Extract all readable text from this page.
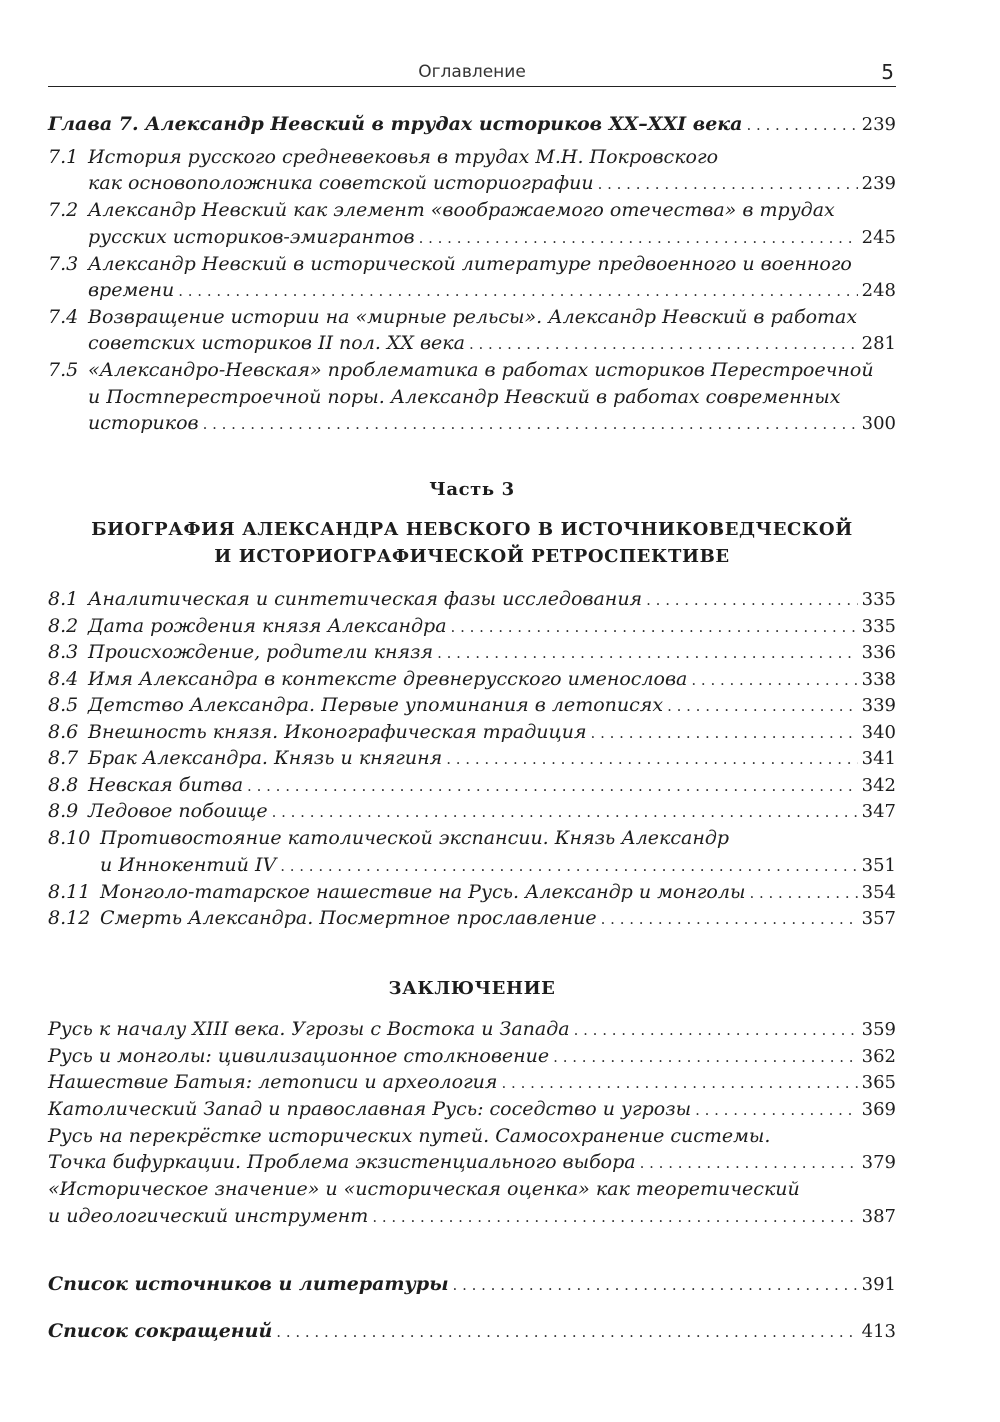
Оглавление	5
Глава 7. Александр Невский в трудах историков XX–XXI века . . .	239
7.1 История русского средневековья в трудах М.Н. Покровского
как основоположника советской историографии . . .	239
7.2 Александр Невский как элемент «воображаемого отечества» в трудах
русских историков-эмигрантов . . .	245
7.3 Александр Невский в исторической литературе предвоенного и военного
времени . . .	248
7.4 Возвращение истории на «мирные рельсы». Александр Невский в работах
советских историков II пол. XX века . . .	281
7.5 «Александро-Невская» проблематика в работах историков Перестроечной
и Постперестроечной поры. Александр Невский в работах современных
историков . . .	300
Часть 3
БИОГРАФИЯ АЛЕКСАНДРА НЕВСКОГО В ИСТОЧНИКОВЕДЧЕСКОЙ
И ИСТОРИОГРАФИЧЕСКОЙ РЕТРОСПЕКТИВЕ
8.1 Аналитическая и синтетическая фазы исследования . . .	335
8.2 Дата рождения князя Александра . . .	335
8.3 Происхождение, родители князя . . .	336
8.4 Имя Александра в контексте древнерусского именослова . . .	338
8.5 Детство Александра. Первые упоминания в летописях . . .	339
8.6 Внешность князя. Иконографическая традиция . . .	340
8.7 Брак Александра. Князь и княгиня . . .	341
8.8 Невская битва . . .	342
8.9 Ледовое побоище . . .	347
8.10 Противостояние католической экспансии. Князь Александр
и Иннокентий IV . . .	351
8.11 Монголо-татарское нашествие на Русь. Александр и монголы . . .	354
8.12 Смерть Александра. Посмертное прославление . . .	357
ЗАКЛЮЧЕНИЕ
Русь к началу XIII века. Угрозы с Востока и Запада . . .	359
Русь и монголы: цивилизационное столкновение . . .	362
Нашествие Батыя: летописи и археология . . .	365
Католический Запад и православная Русь: соседство и угрозы . . .	369
Русь на перекрёстке исторических путей. Самосохранение системы.
Точка бифуркации. Проблема экзистенциального выбора . . .	379
«Историческое значение» и «историческая оценка» как теоретический
и идеологический инструмент . . .	387
Список источников и литературы . . .	391
Список сокращений . . .	413
